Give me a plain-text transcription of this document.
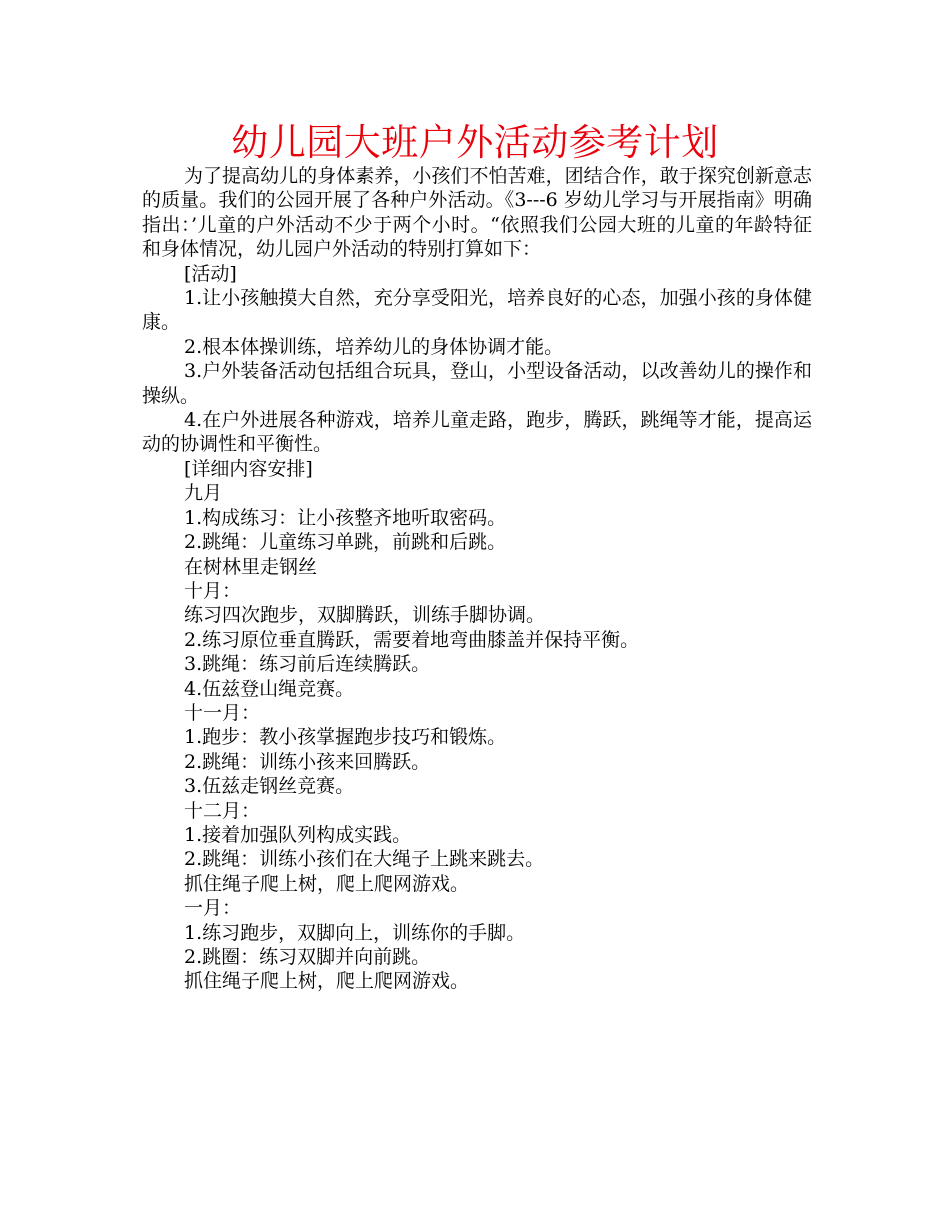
幼儿园大班户外活动参考计划

为了提高幼儿的身体素养，小孩们不怕苦难，团结合作，敢于探究创新意志的质量。我们的公园开展了各种户外活动。《3---6 岁幼儿学习与开展指南》明确指出：’儿童的户外活动不少于两个小时。“依照我们公园大班的儿童的年龄特征和身体情况，幼儿园户外活动的特别打算如下：

[活动]

1.让小孩触摸大自然，充分享受阳光，培养良好的心态，加强小孩的身体健康。

2.根本体操训练，培养幼儿的身体协调才能。

3.户外装备活动包括组合玩具，登山，小型设备活动，以改善幼儿的操作和操纵。

4.在户外进展各种游戏，培养儿童走路，跑步，腾跃，跳绳等才能，提高运动的协调性和平衡性。

[详细内容安排]

九月

1.构成练习：让小孩整齐地听取密码。

2.跳绳：儿童练习单跳，前跳和后跳。

在树林里走钢丝

十月：

练习四次跑步，双脚腾跃，训练手脚协调。

2.练习原位垂直腾跃，需要着地弯曲膝盖并保持平衡。

3.跳绳：练习前后连续腾跃。

4.伍兹登山绳竞赛。

十一月：

1.跑步：教小孩掌握跑步技巧和锻炼。

2.跳绳：训练小孩来回腾跃。

3.伍兹走钢丝竞赛。

十二月：

1.接着加强队列构成实践。

2.跳绳：训练小孩们在大绳子上跳来跳去。

抓住绳子爬上树，爬上爬网游戏。

一月：

1.练习跑步，双脚向上，训练你的手脚。

2.跳圈：练习双脚并向前跳。

抓住绳子爬上树，爬上爬网游戏。
